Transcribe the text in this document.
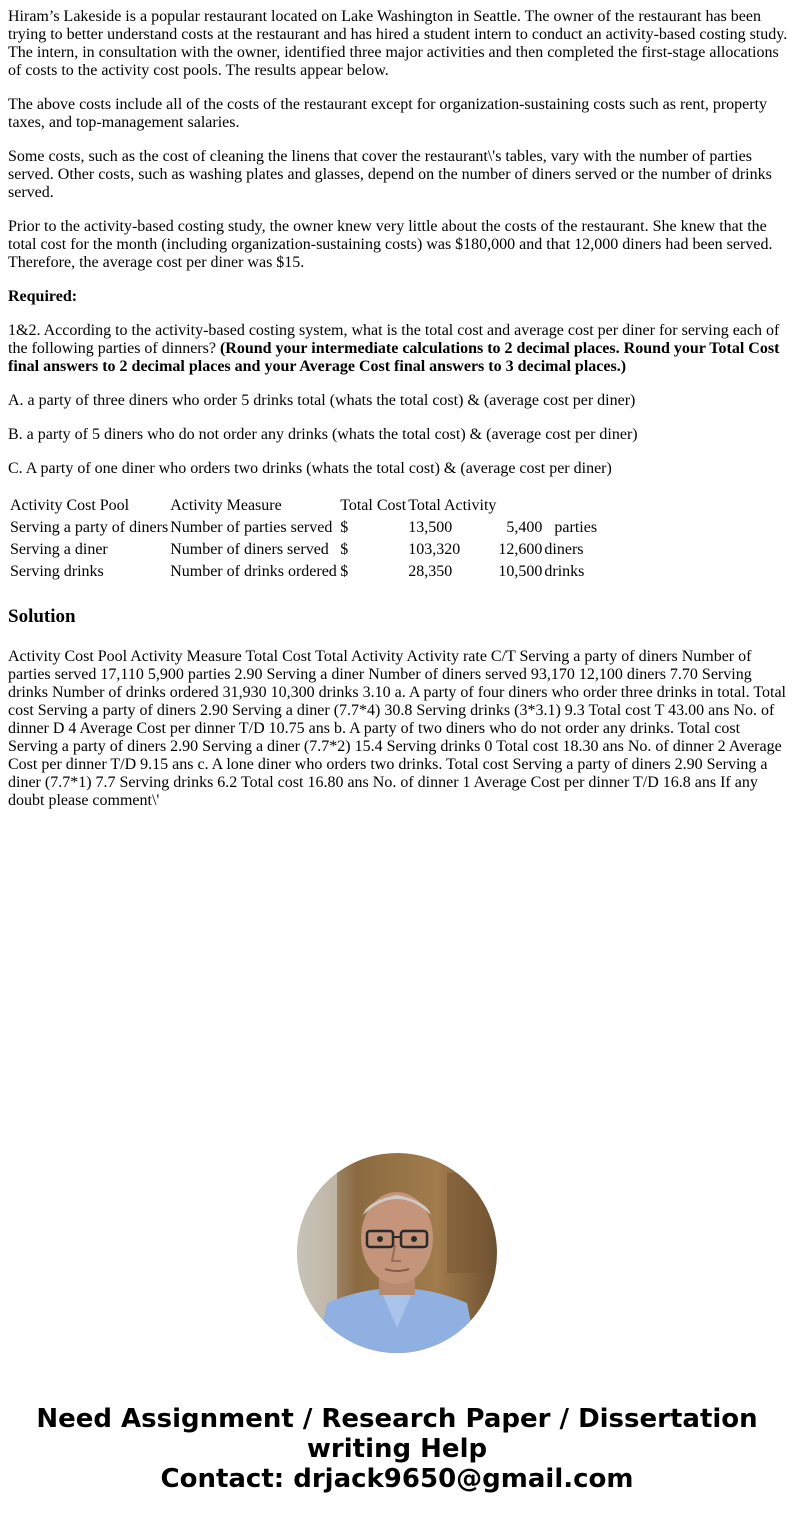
Hiram’s Lakeside is a popular restaurant located on Lake Washington in Seattle. The owner of the restaurant has been trying to better understand costs at the restaurant and has hired a student intern to conduct an activity-based costing study. The intern, in consultation with the owner, identified three major activities and then completed the first-stage allocations of costs to the activity cost pools. The results appear below.

The above costs include all of the costs of the restaurant except for organization-sustaining costs such as rent, property taxes, and top-management salaries.

Some costs, such as the cost of cleaning the linens that cover the restaurant\'s tables, vary with the number of parties served. Other costs, such as washing plates and glasses, depend on the number of diners served or the number of drinks served.

Prior to the activity-based costing study, the owner knew very little about the costs of the restaurant. She knew that the total cost for the month (including organization-sustaining costs) was $180,000 and that 12,000 diners had been served. Therefore, the average cost per diner was $15.

Required:

1&2. According to the activity-based costing system, what is the total cost and average cost per diner for serving each of the following parties of dinners? (Round your intermediate calculations to 2 decimal places. Round your Total Cost final answers to 2 decimal places and your Average Cost final answers to 3 decimal places.)

A. a party of three diners who order 5 drinks total (whats the total cost) & (average cost per diner)

B. a party of 5 diners who do not order any drinks (whats the total cost) & (average cost per diner)

C. A party of one diner who orders two drinks (whats the total cost) & (average cost per diner)

Activity Cost Pool	Activity Measure	Total Cost	Total Activity		
Serving a party of diners	Number of parties served	$	13,500	5,400	parties
Serving a diner	Number of diners served	$	103,320	12,600	diners
Serving drinks	Number of drinks ordered	$	28,350	10,500	drinks
Solution

Activity Cost Pool Activity Measure Total Cost Total Activity Activity rate C/T Serving a party of diners Number of parties served 17,110 5,900 parties 2.90 Serving a diner Number of diners served 93,170 12,100 diners 7.70 Serving drinks Number of drinks ordered 31,930 10,300 drinks 3.10 a. A party of four diners who order three drinks in total. Total cost Serving a party of diners 2.90 Serving a diner (7.7*4) 30.8 Serving drinks (3*3.1) 9.3 Total cost T 43.00 ans No. of dinner D 4 Average Cost per dinner T/D 10.75 ans b. A party of two diners who do not order any drinks. Total cost Serving a party of diners 2.90 Serving a diner (7.7*2) 15.4 Serving drinks 0 Total cost 18.30 ans No. of dinner 2 Average Cost per dinner T/D 9.15 ans c. A lone diner who orders two drinks. Total cost Serving a party of diners 2.90 Serving a diner (7.7*1) 7.7 Serving drinks 6.2 Total cost 16.80 ans No. of dinner 1 Average Cost per dinner T/D 16.8 ans If any doubt please comment\'

Need Assignment / Research Paper / Dissertation
writing Help
Contact: drjack9650@gmail.com
